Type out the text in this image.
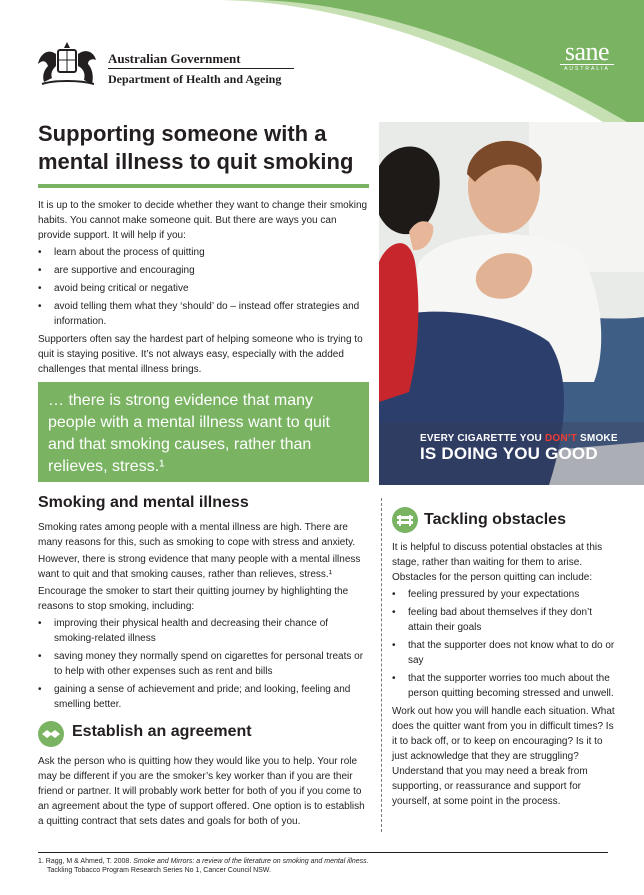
Australian Government
Department of Health and Ageing
sane
AUSTRALIA
Supporting someone with a mental illness to quit smoking

It is up to the smoker to decide whether they want to change their smoking habits. You cannot make someone quit. But there are ways you can provide support. It will help if you:

• learn about the process of quitting
• are supportive and encouraging
• avoid being critical or negative
• avoid telling them what they ‘should’ do – instead offer strategies and information.

Supporters often say the hardest part of helping someone who is trying to quit is staying positive. It’s not always easy, especially with the added challenges that mental illness brings.

… there is strong evidence that many people with a mental illness want to quit and that smoking causes, rather than relieves, stress.¹
EVERY CIGARETTE YOU DON’T SMOKE
IS DOING YOU GOOD
Smoking and mental illness

Smoking rates among people with a mental illness are high. There are many reasons for this, such as smoking to cope with stress and anxiety.

However, there is strong evidence that many people with a mental illness want to quit and that smoking causes, rather than relieves, stress.¹

Encourage the smoker to start their quitting journey by highlighting the reasons to stop smoking, including:

• improving their physical health and decreasing their chance of smoking-related illness
• saving money they normally spend on cigarettes for personal treats or to help with other expenses such as rent and bills
• gaining a sense of achievement and pride; and looking, feeling and smelling better.
Establish an agreement
Ask the person who is quitting how they would like you to help. Your role may be different if you are the smoker’s key worker than if you are their friend or partner. It will probably work better for both of you if you come to an agreement about the type of support offered. One option is to establish a quitting contract that sets dates and goals for both of you.
Tackling obstacles

It is helpful to discuss potential obstacles at this stage, rather than waiting for them to arise. Obstacles for the person quitting can include:

• feeling pressured by your expectations
• feeling bad about themselves if they don’t attain their goals
• that the supporter does not know what to do or say
• that the supporter worries too much about the person quitting becoming stressed and unwell.

Work out how you will handle each situation. What does the quitter want from you in difficult times? Is it to back off, or to keep on encouraging? Is it to just acknowledge that they are struggling? Understand that you may need a break from supporting, or reassurance and support for yourself, at some point in the process.

1. Ragg, M & Ahmed, T. 2008. Smoke and Mirrors: a review of the literature on smoking and mental illness.
Tackling Tobacco Program Research Series No 1, Cancer Council NSW.
